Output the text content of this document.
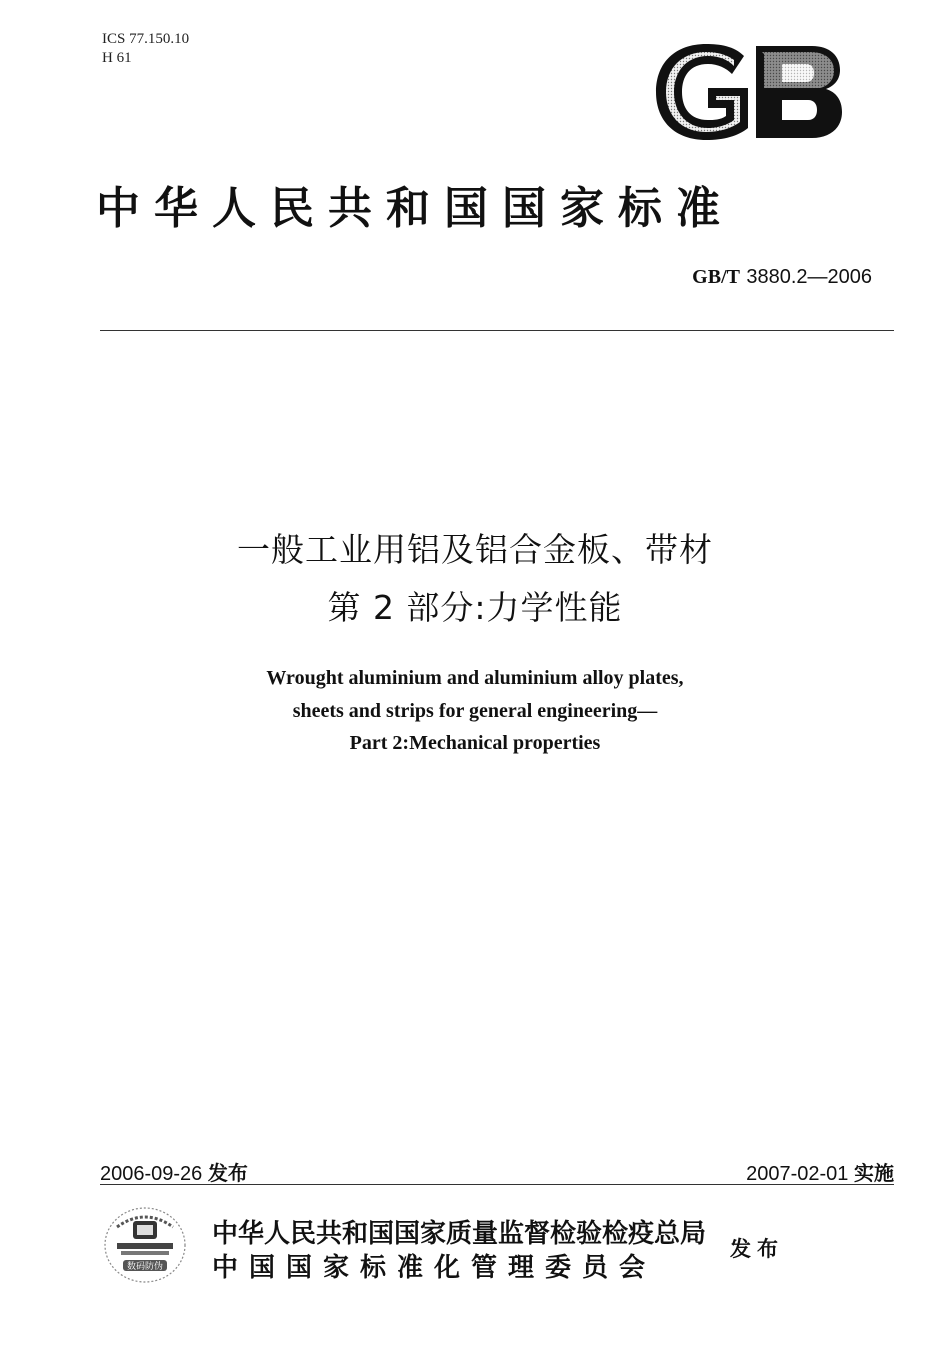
ICS 77.150.10
H 61
中华人民共和国国家标准
GB/T 3880.2—2006
一般工业用铝及铝合金板、带材
第 2 部分:力学性能
Wrought aluminium and aluminium alloy plates,
sheets and strips for general engineering—
Part 2:Mechanical properties
2006-09-26 发布	2007-02-01 实施
数码防伪
中华人民共和国国家质量监督检验检疫总局
中国国家标准化管理委员会
发布
